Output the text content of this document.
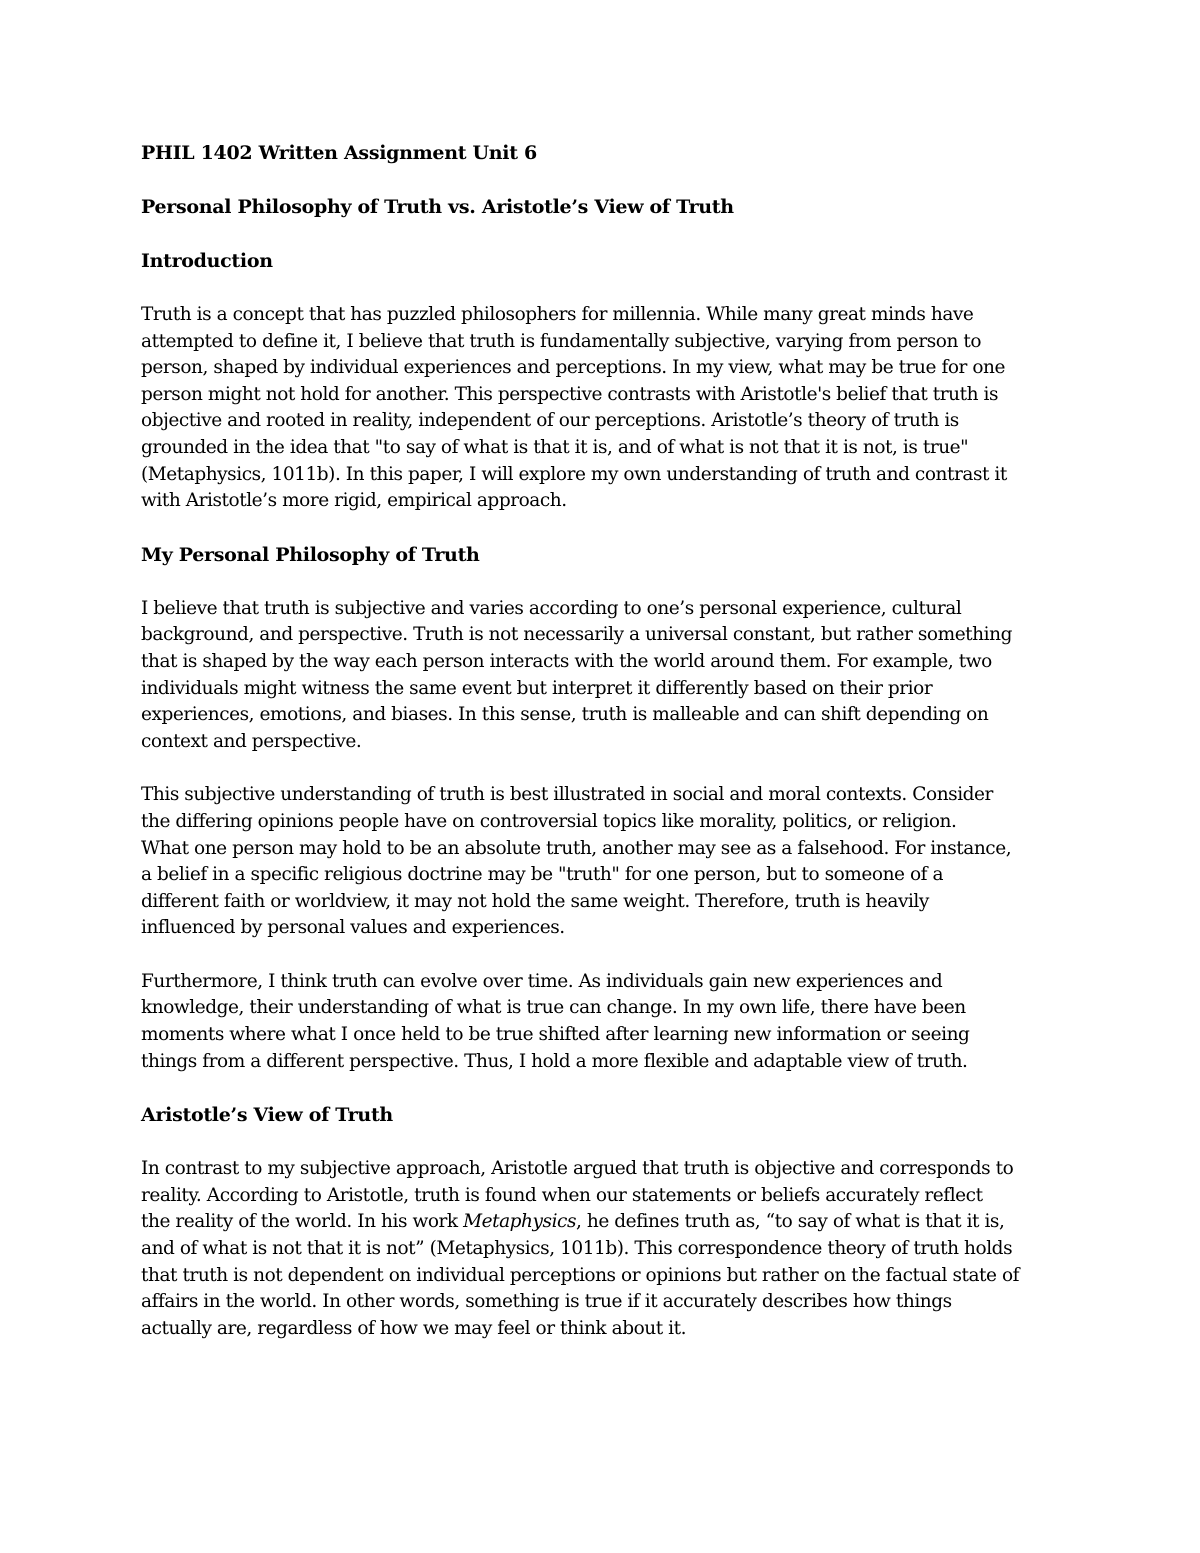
PHIL 1402 Written Assignment Unit 6
Personal Philosophy of Truth vs. Aristotle’s View of Truth
Introduction
Truth is a concept that has puzzled philosophers for millennia. While many great minds have
attempted to define it, I believe that truth is fundamentally subjective, varying from person to
person, shaped by individual experiences and perceptions. In my view, what may be true for one
person might not hold for another. This perspective contrasts with Aristotle's belief that truth is
objective and rooted in reality, independent of our perceptions. Aristotle’s theory of truth is
grounded in the idea that "to say of what is that it is, and of what is not that it is not, is true"
(Metaphysics, 1011b). In this paper, I will explore my own understanding of truth and contrast it
with Aristotle’s more rigid, empirical approach.
My Personal Philosophy of Truth
I believe that truth is subjective and varies according to one’s personal experience, cultural
background, and perspective. Truth is not necessarily a universal constant, but rather something
that is shaped by the way each person interacts with the world around them. For example, two
individuals might witness the same event but interpret it differently based on their prior
experiences, emotions, and biases. In this sense, truth is malleable and can shift depending on
context and perspective.
This subjective understanding of truth is best illustrated in social and moral contexts. Consider
the differing opinions people have on controversial topics like morality, politics, or religion.
What one person may hold to be an absolute truth, another may see as a falsehood. For instance,
a belief in a specific religious doctrine may be "truth" for one person, but to someone of a
different faith or worldview, it may not hold the same weight. Therefore, truth is heavily
influenced by personal values and experiences.
Furthermore, I think truth can evolve over time. As individuals gain new experiences and
knowledge, their understanding of what is true can change. In my own life, there have been
moments where what I once held to be true shifted after learning new information or seeing
things from a different perspective. Thus, I hold a more flexible and adaptable view of truth.
Aristotle’s View of Truth
In contrast to my subjective approach, Aristotle argued that truth is objective and corresponds to
reality. According to Aristotle, truth is found when our statements or beliefs accurately reflect
the reality of the world. In his work Metaphysics, he defines truth as, “to say of what is that it is,
and of what is not that it is not” (Metaphysics, 1011b). This correspondence theory of truth holds
that truth is not dependent on individual perceptions or opinions but rather on the factual state of
affairs in the world. In other words, something is true if it accurately describes how things
actually are, regardless of how we may feel or think about it.
